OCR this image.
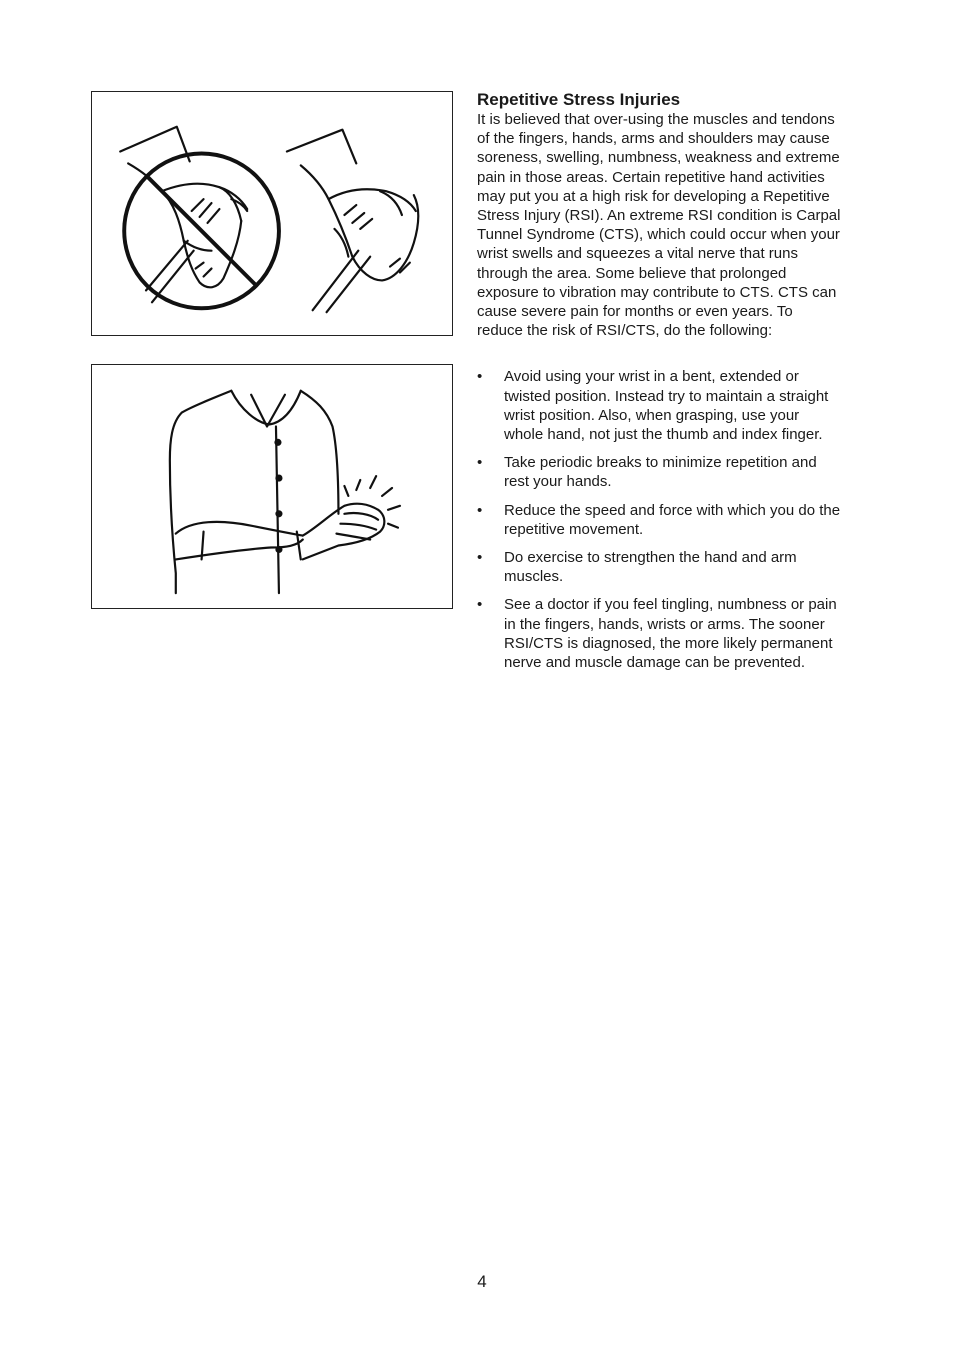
Repetitive Stress Injuries

It is believed that over-using the muscles and tendons of the fingers, hands, arms and shoulders may cause soreness, swelling, numbness, weakness and extreme pain in those areas. Certain repetitive hand activities may put you at a high risk for developing a Repetitive Stress Injury (RSI). An extreme RSI condition is Carpal Tunnel Syndrome (CTS), which could occur when your wrist swells and squeezes a vital nerve that runs through the area. Some believe that prolonged exposure to vibration may contribute to CTS. CTS can cause severe pain for months or even years. To reduce the risk of RSI/CTS, do the following:

• Avoid using your wrist in a bent, extended or twisted position. Instead try to maintain a straight wrist position. Also, when grasping, use your whole hand, not just the thumb and index finger.
• Take periodic breaks to minimize repetition and rest your hands.
• Reduce the speed and force with which you do the repetitive movement.
• Do exercise to strengthen the hand and arm muscles.
• See a doctor if you feel tingling, numbness or pain in the fingers, hands, wrists or arms. The sooner RSI/CTS is diagnosed, the more likely permanent nerve and muscle damage can be prevented.
4
